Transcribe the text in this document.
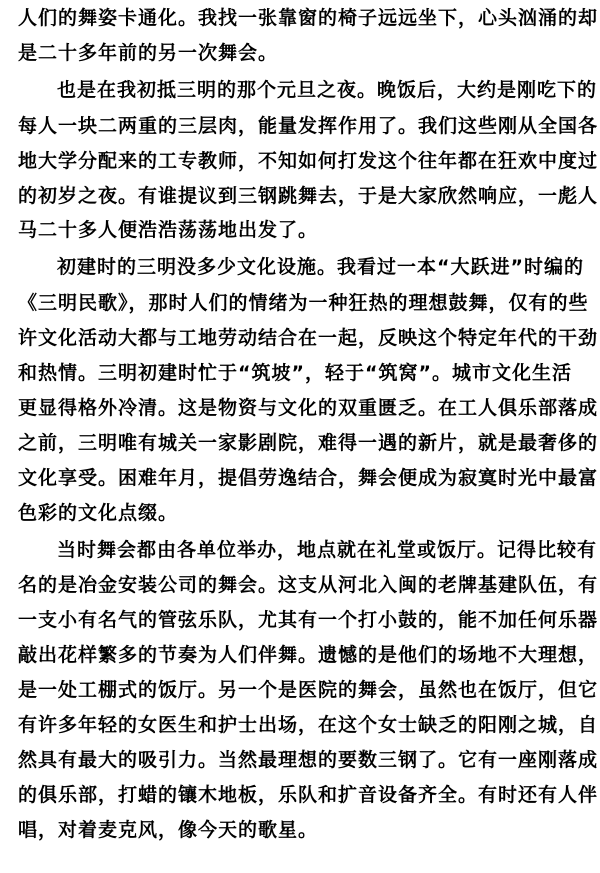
人们的舞姿卡通化。我找一张靠窗的椅子远远坐下，心头汹涌的却
是二十多年前的另一次舞会。
也是在我初抵三明的那个元旦之夜。晚饭后，大约是刚吃下的
每人一块二两重的三层肉，能量发挥作用了。我们这些刚从全国各
地大学分配来的工专教师，不知如何打发这个往年都在狂欢中度过
的初岁之夜。有谁提议到三钢跳舞去，于是大家欣然响应，一彪人
马二十多人便浩浩荡荡地出发了。
初建时的三明没多少文化设施。我看过一本“大跃进”时编的
《三明民歌》，那时人们的情绪为一种狂热的理想鼓舞，仅有的些
许文化活动大都与工地劳动结合在一起，反映这个特定年代的干劲
和热情。三明初建时忙于“筑坡”，轻于“筑窝”。城市文化生活
更显得格外冷清。这是物资与文化的双重匮乏。在工人俱乐部落成
之前，三明唯有城关一家影剧院，难得一遇的新片，就是最奢侈的
文化享受。困难年月，提倡劳逸结合，舞会便成为寂寞时光中最富
色彩的文化点缀。
当时舞会都由各单位举办，地点就在礼堂或饭厅。记得比较有
名的是冶金安装公司的舞会。这支从河北入闽的老牌基建队伍，有
一支小有名气的管弦乐队，尤其有一个打小鼓的，能不加任何乐器
敲出花样繁多的节奏为人们伴舞。遗憾的是他们的场地不大理想，
是一处工棚式的饭厅。另一个是医院的舞会，虽然也在饭厅，但它
有许多年轻的女医生和护士出场，在这个女士缺乏的阳刚之城，自
然具有最大的吸引力。当然最理想的要数三钢了。它有一座刚落成
的俱乐部，打蜡的镶木地板，乐队和扩音设备齐全。有时还有人伴
唱，对着麦克风，像今天的歌星。
